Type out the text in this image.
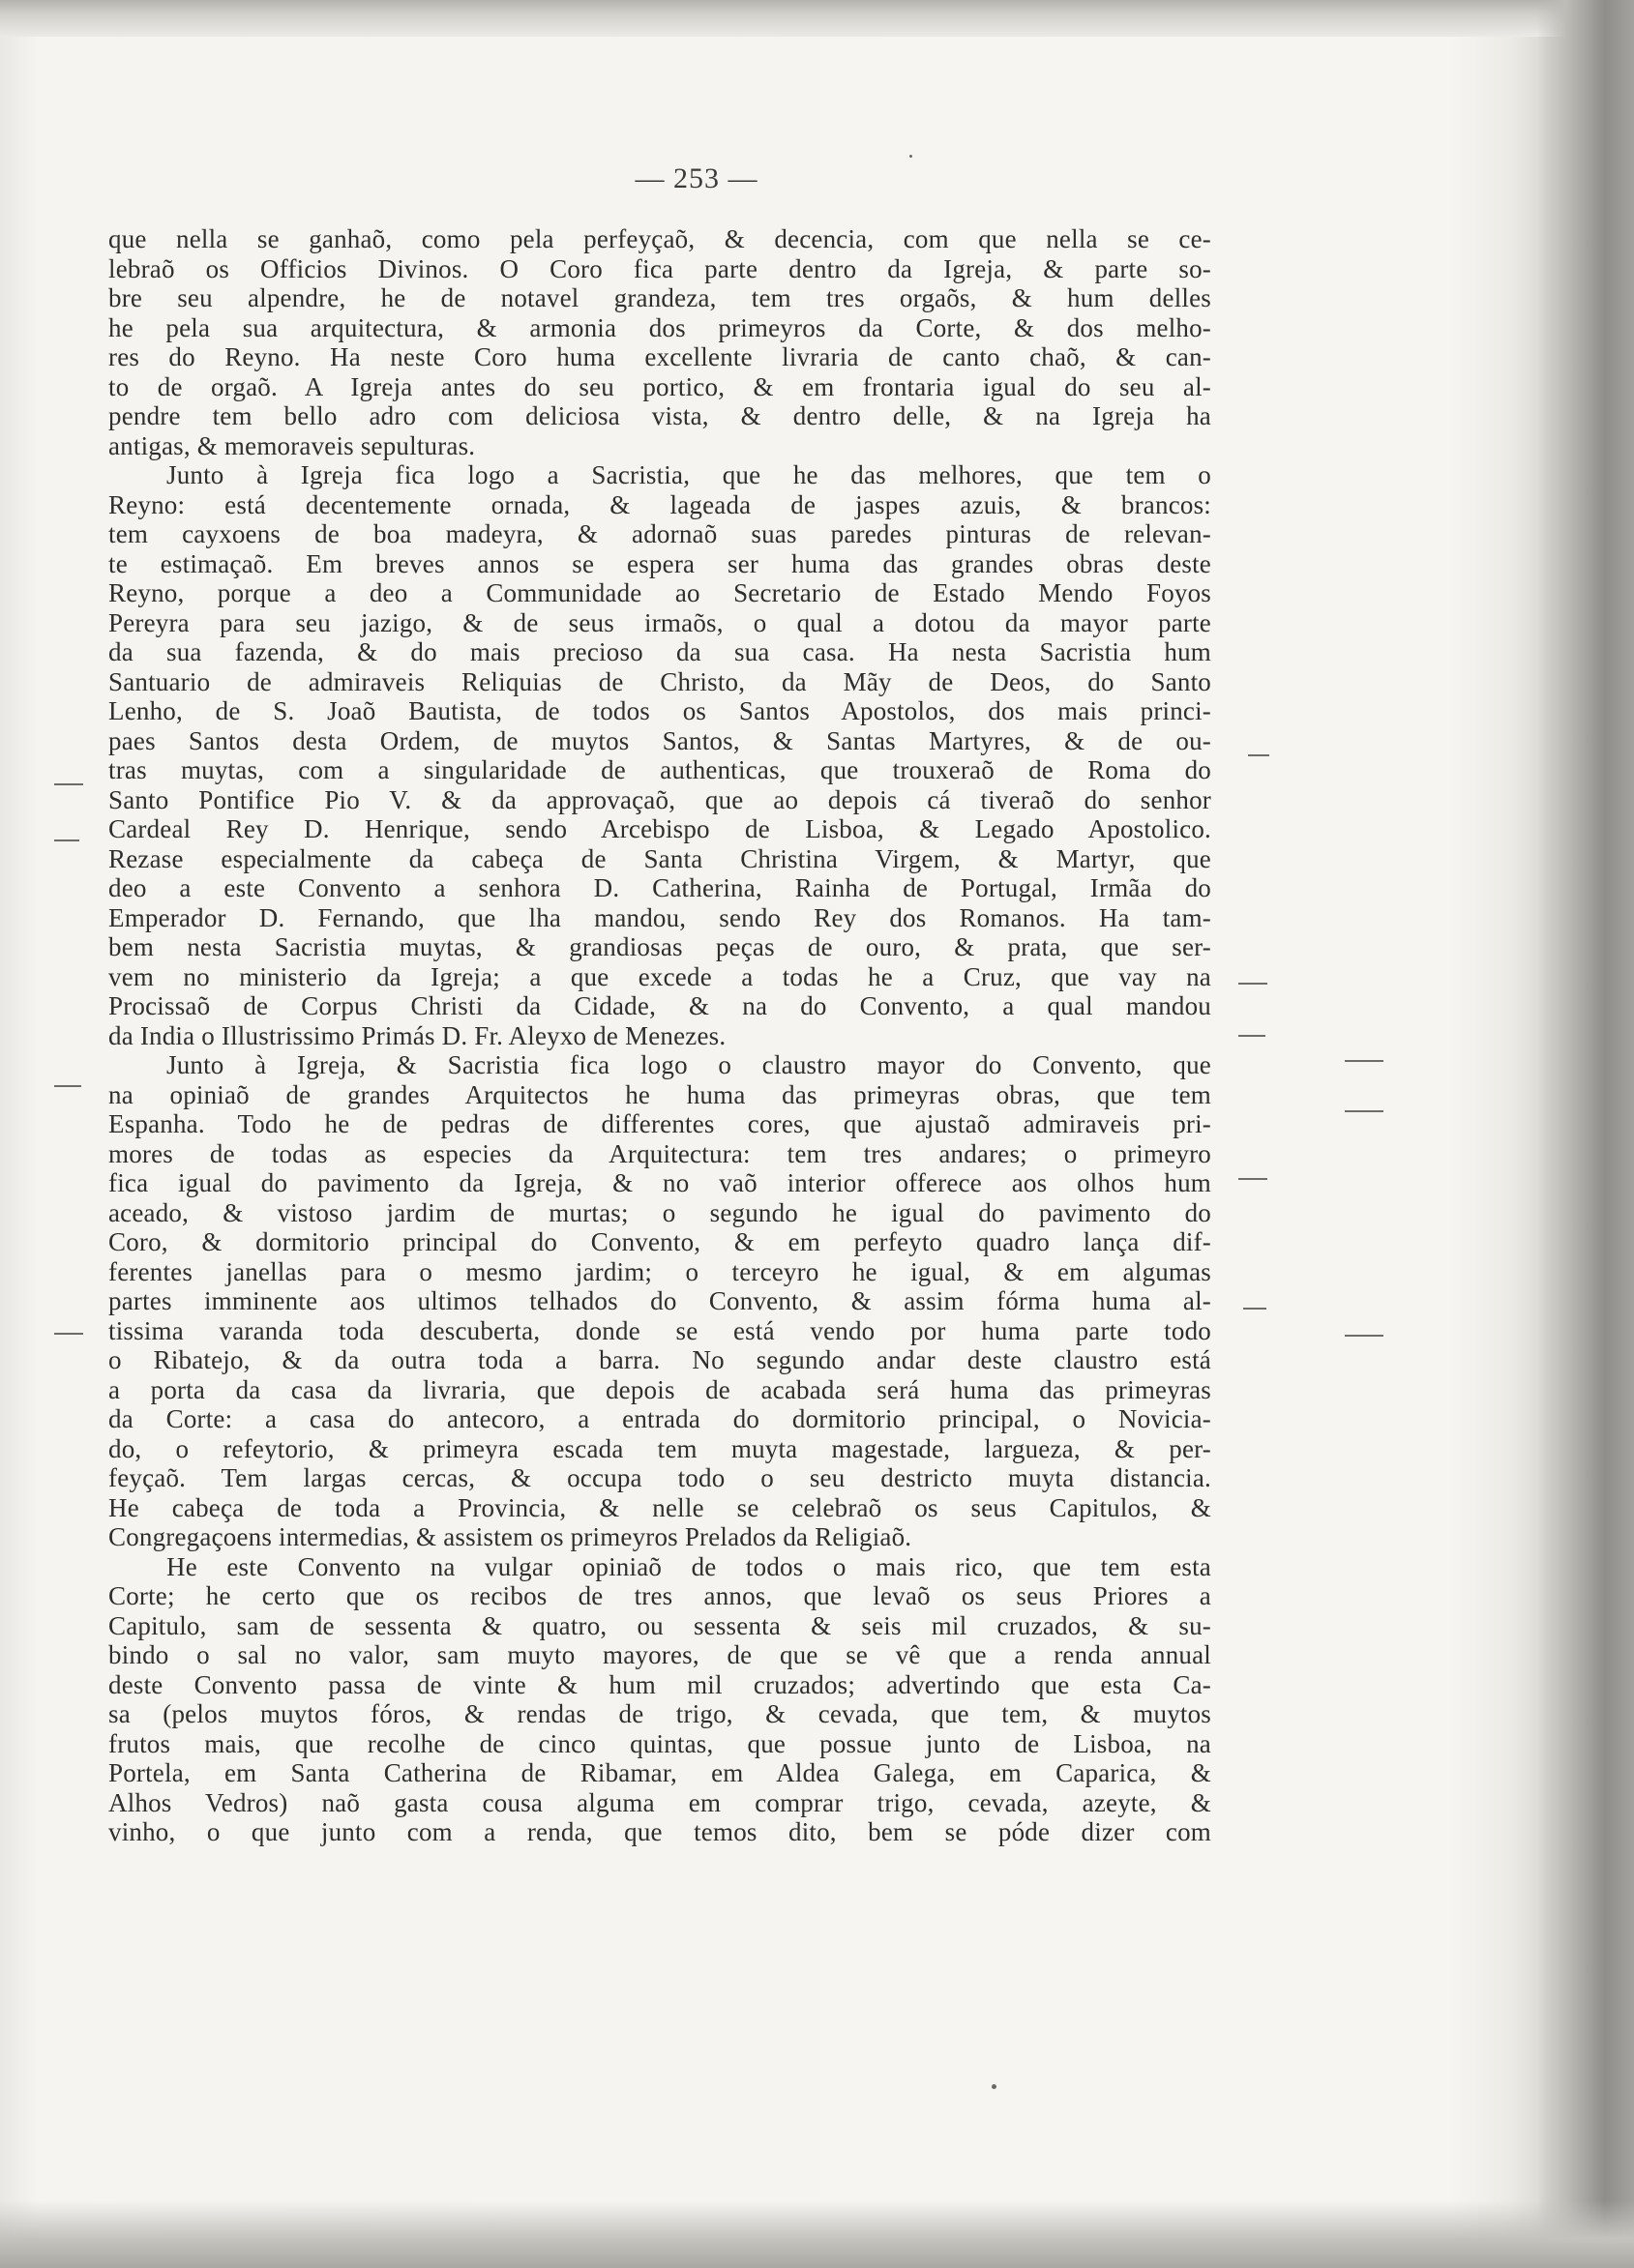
— 253 —
que nella se ganhaõ, como pela perfeyçaõ, & decencia, com que nella se ce-
lebraõ os Officios Divinos. O Coro fica parte dentro da Igreja, & parte so-
bre seu alpendre, he de notavel grandeza, tem tres orgaõs, & hum delles
he pela sua arquitectura, & armonia dos primeyros da Corte, & dos melho-
res do Reyno. Ha neste Coro huma excellente livraria de canto chaõ, & can-
to de orgaõ. A Igreja antes do seu portico, & em frontaria igual do seu al-
pendre tem bello adro com deliciosa vista, & dentro delle, & na Igreja ha
antigas, & memoraveis sepulturas.
Junto à Igreja fica logo a Sacristia, que he das melhores, que tem o
Reyno: está decentemente ornada, & lageada de jaspes azuis, & brancos:
tem cayxoens de boa madeyra, & adornaõ suas paredes pinturas de relevan-
te estimaçaõ. Em breves annos se espera ser huma das grandes obras deste
Reyno, porque a deo a Communidade ao Secretario de Estado Mendo Foyos
Pereyra para seu jazigo, & de seus irmaõs, o qual a dotou da mayor parte
da sua fazenda, & do mais precioso da sua casa. Ha nesta Sacristia hum
Santuario de admiraveis Reliquias de Christo, da Mãy de Deos, do Santo
Lenho, de S. Joaõ Bautista, de todos os Santos Apostolos, dos mais princi-
paes Santos desta Ordem, de muytos Santos, & Santas Martyres, & de ou-
tras muytas, com a singularidade de authenticas, que trouxeraõ de Roma do
Santo Pontifice Pio V. & da approvaçaõ, que ao depois cá tiveraõ do senhor
Cardeal Rey D. Henrique, sendo Arcebispo de Lisboa, & Legado Apostolico.
Rezase especialmente da cabeça de Santa Christina Virgem, & Martyr, que
deo a este Convento a senhora D. Catherina, Rainha de Portugal, Irmãa do
Emperador D. Fernando, que lha mandou, sendo Rey dos Romanos. Ha tam-
bem nesta Sacristia muytas, & grandiosas peças de ouro, & prata, que ser-
vem no ministerio da Igreja; a que excede a todas he a Cruz, que vay na
Procissaõ de Corpus Christi da Cidade, & na do Convento, a qual mandou
da India o Illustrissimo Primás D. Fr. Aleyxo de Menezes.
Junto à Igreja, & Sacristia fica logo o claustro mayor do Convento, que
na opiniaõ de grandes Arquitectos he huma das primeyras obras, que tem
Espanha. Todo he de pedras de differentes cores, que ajustaõ admiraveis pri-
mores de todas as especies da Arquitectura: tem tres andares; o primeyro
fica igual do pavimento da Igreja, & no vaõ interior offerece aos olhos hum
aceado, & vistoso jardim de murtas; o segundo he igual do pavimento do
Coro, & dormitorio principal do Convento, & em perfeyto quadro lança dif-
ferentes janellas para o mesmo jardim; o terceyro he igual, & em algumas
partes imminente aos ultimos telhados do Convento, & assim fórma huma al-
tissima varanda toda descuberta, donde se está vendo por huma parte todo
o Ribatejo, & da outra toda a barra. No segundo andar deste claustro está
a porta da casa da livraria, que depois de acabada será huma das primeyras
da Corte: a casa do antecoro, a entrada do dormitorio principal, o Novicia-
do, o refeytorio, & primeyra escada tem muyta magestade, largueza, & per-
feyçaõ. Tem largas cercas, & occupa todo o seu destricto muyta distancia.
He cabeça de toda a Provincia, & nelle se celebraõ os seus Capitulos, &
Congregaçoens intermedias, & assistem os primeyros Prelados da Religiaõ.
He este Convento na vulgar opiniaõ de todos o mais rico, que tem esta
Corte; he certo que os recibos de tres annos, que levaõ os seus Priores a
Capitulo, sam de sessenta & quatro, ou sessenta & seis mil cruzados, & su-
bindo o sal no valor, sam muyto mayores, de que se vê que a renda annual
deste Convento passa de vinte & hum mil cruzados; advertindo que esta Ca-
sa (pelos muytos fóros, & rendas de trigo, & cevada, que tem, & muytos
frutos mais, que recolhe de cinco quintas, que possue junto de Lisboa, na
Portela, em Santa Catherina de Ribamar, em Aldea Galega, em Caparica, &
Alhos Vedros) naõ gasta cousa alguma em comprar trigo, cevada, azeyte, &
vinho, o que junto com a renda, que temos dito, bem se póde dizer com
